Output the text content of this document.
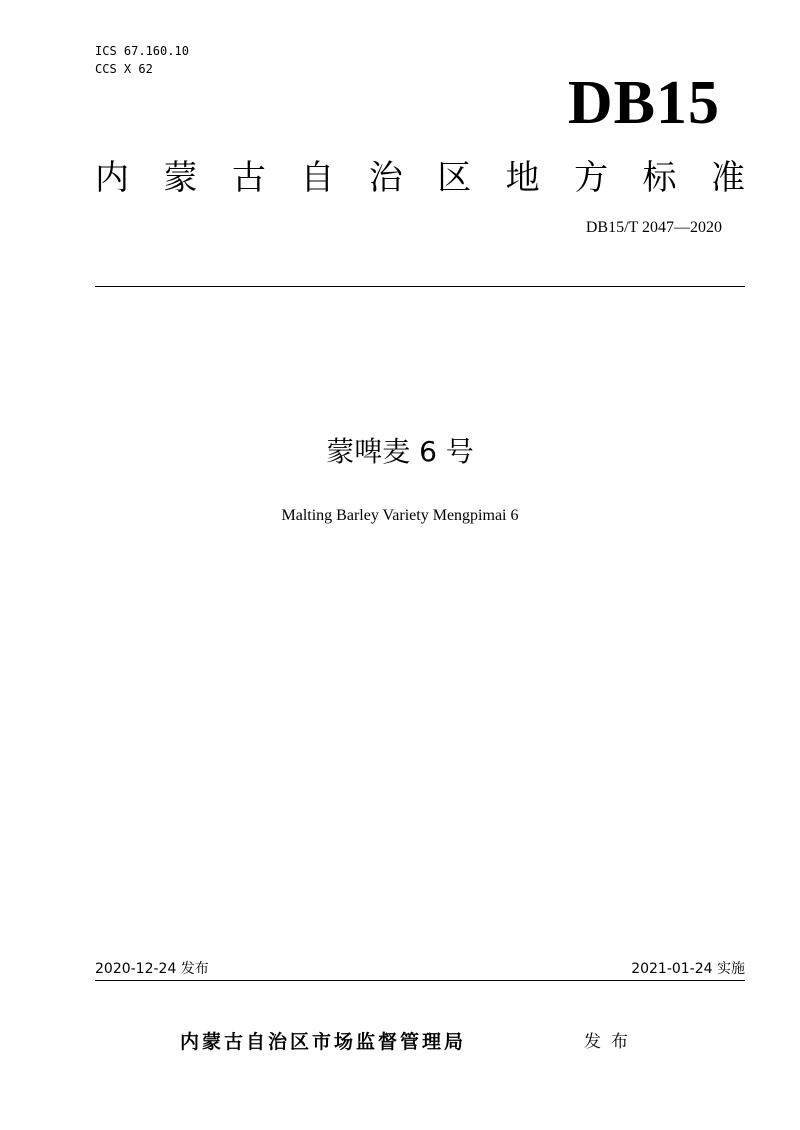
ICS 67.160.10
CCS X 62	DB15
内 蒙 古 自 治 区 地 方 标 准
DB15/T 2047—2020
蒙啤麦 6 号
Malting Barley Variety Mengpimai 6
2020-12-24 发布	2021-01-24 实施
内蒙古自治区市场监督管理局	发布
